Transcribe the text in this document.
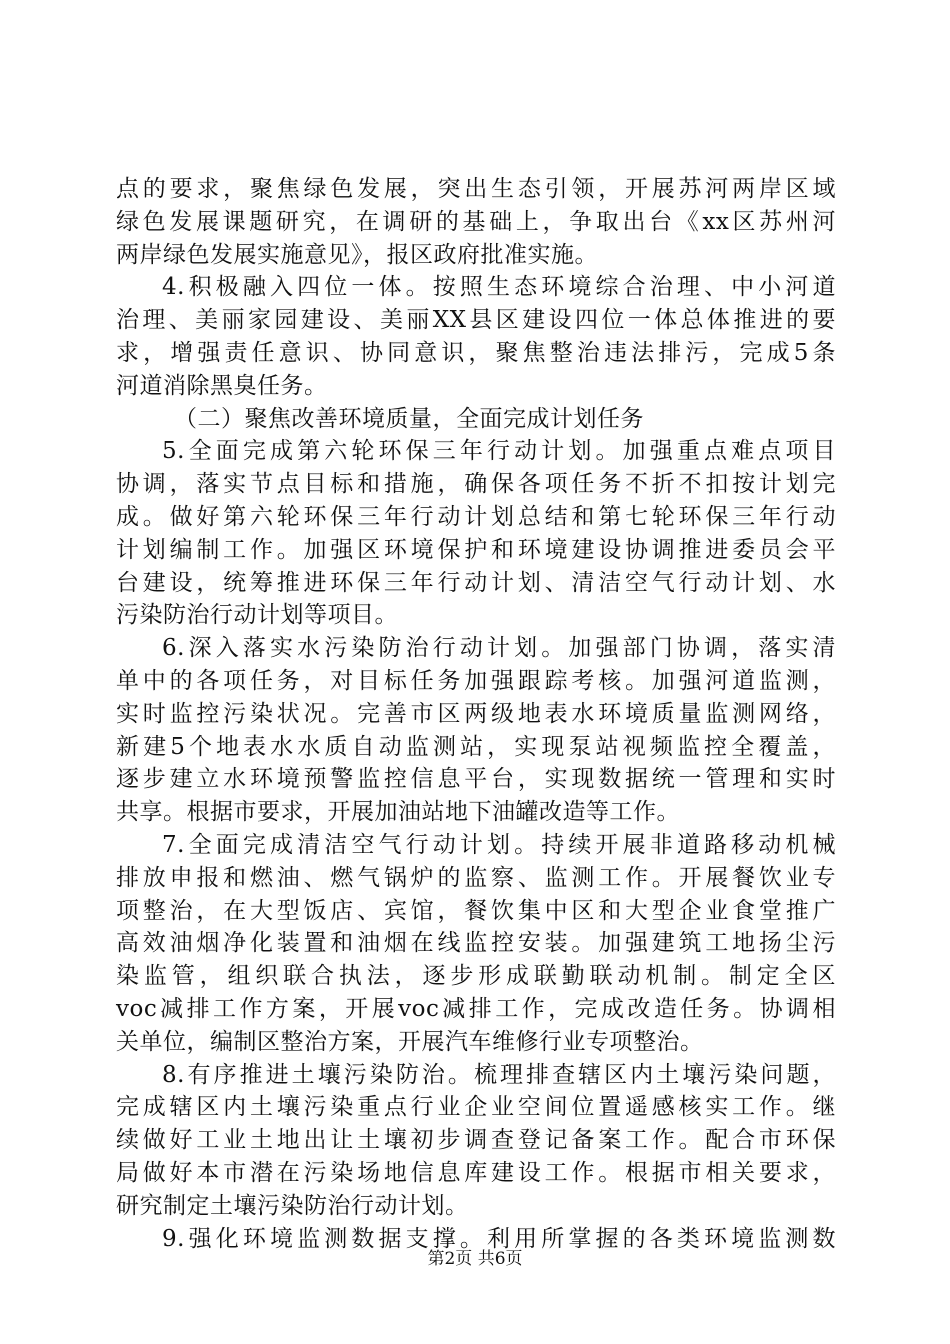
点的要求，聚焦绿色发展，突出生态引领，开展苏河两岸区域
绿色发展课题研究，在调研的基础上，争取出台《xx区苏州河
两岸绿色发展实施意见》，报区政府批准实施。
4.积极融入四位一体。按照生态环境综合治理、中小河道
治理、美丽家园建设、美丽XX县区建设四位一体总体推进的要
求，增强责任意识、协同意识，聚焦整治违法排污，完成5条
河道消除黑臭任务。
（二）聚焦改善环境质量，全面完成计划任务
5.全面完成第六轮环保三年行动计划。加强重点难点项目
协调，落实节点目标和措施，确保各项任务不折不扣按计划完
成。做好第六轮环保三年行动计划总结和第七轮环保三年行动
计划编制工作。加强区环境保护和环境建设协调推进委员会平
台建设，统筹推进环保三年行动计划、清洁空气行动计划、水
污染防治行动计划等项目。
6.深入落实水污染防治行动计划。加强部门协调，落实清
单中的各项任务，对目标任务加强跟踪考核。加强河道监测，
实时监控污染状况。完善市区两级地表水环境质量监测网络，
新建5个地表水水质自动监测站，实现泵站视频监控全覆盖，
逐步建立水环境预警监控信息平台，实现数据统一管理和实时
共享。根据市要求，开展加油站地下油罐改造等工作。
7.全面完成清洁空气行动计划。持续开展非道路移动机械
排放申报和燃油、燃气锅炉的监察、监测工作。开展餐饮业专
项整治，在大型饭店、宾馆，餐饮集中区和大型企业食堂推广
高效油烟净化装置和油烟在线监控安装。加强建筑工地扬尘污
染监管，组织联合执法，逐步形成联勤联动机制。制定全区
voc减排工作方案，开展voc减排工作，完成改造任务。协调相
关单位，编制区整治方案，开展汽车维修行业专项整治。
8.有序推进土壤污染防治。梳理排查辖区内土壤污染问题，
完成辖区内土壤污染重点行业企业空间位置遥感核实工作。继
续做好工业土地出让土壤初步调查登记备案工作。配合市环保
局做好本市潜在污染场地信息库建设工作。根据市相关要求，
研究制定土壤污染防治行动计划。
9.强化环境监测数据支撑。利用所掌握的各类环境监测数
第2页 共6页
